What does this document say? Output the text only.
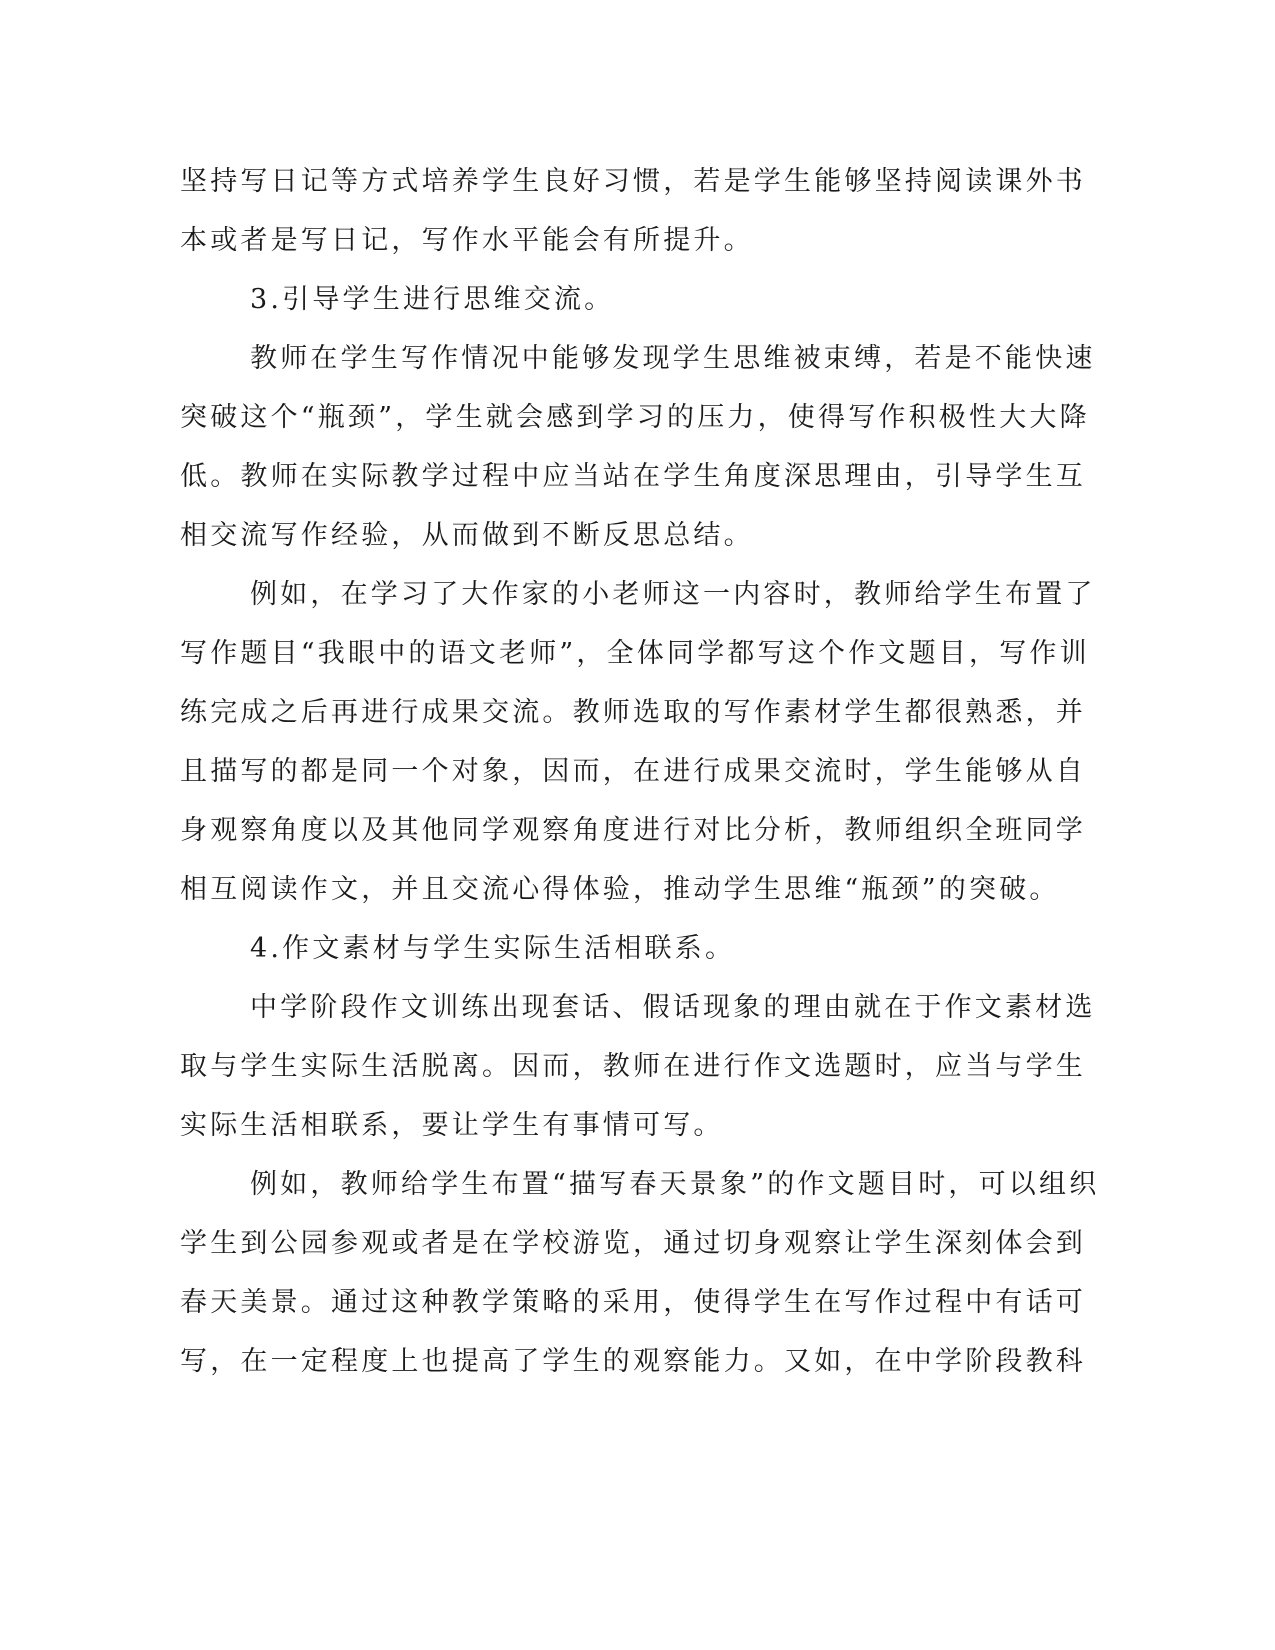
坚持写日记等方式培养学生良好习惯，若是学生能够坚持阅读课外书
本或者是写日记，写作水平能会有所提升。
3.引导学生进行思维交流。
教师在学生写作情况中能够发现学生思维被束缚，若是不能快速
突破这个“瓶颈”，学生就会感到学习的压力，使得写作积极性大大降
低。教师在实际教学过程中应当站在学生角度深思理由，引导学生互
相交流写作经验，从而做到不断反思总结。
例如，在学习了大作家的小老师这一内容时，教师给学生布置了
写作题目“我眼中的语文老师”，全体同学都写这个作文题目，写作训
练完成之后再进行成果交流。教师选取的写作素材学生都很熟悉，并
且描写的都是同一个对象，因而，在进行成果交流时，学生能够从自
身观察角度以及其他同学观察角度进行对比分析，教师组织全班同学
相互阅读作文，并且交流心得体验，推动学生思维“瓶颈”的突破。
4.作文素材与学生实际生活相联系。
中学阶段作文训练出现套话、假话现象的理由就在于作文素材选
取与学生实际生活脱离。因而，教师在进行作文选题时，应当与学生
实际生活相联系，要让学生有事情可写。
例如，教师给学生布置“描写春天景象”的作文题目时，可以组织
学生到公园参观或者是在学校游览，通过切身观察让学生深刻体会到
春天美景。通过这种教学策略的采用，使得学生在写作过程中有话可
写，在一定程度上也提高了学生的观察能力。又如，在中学阶段教科
